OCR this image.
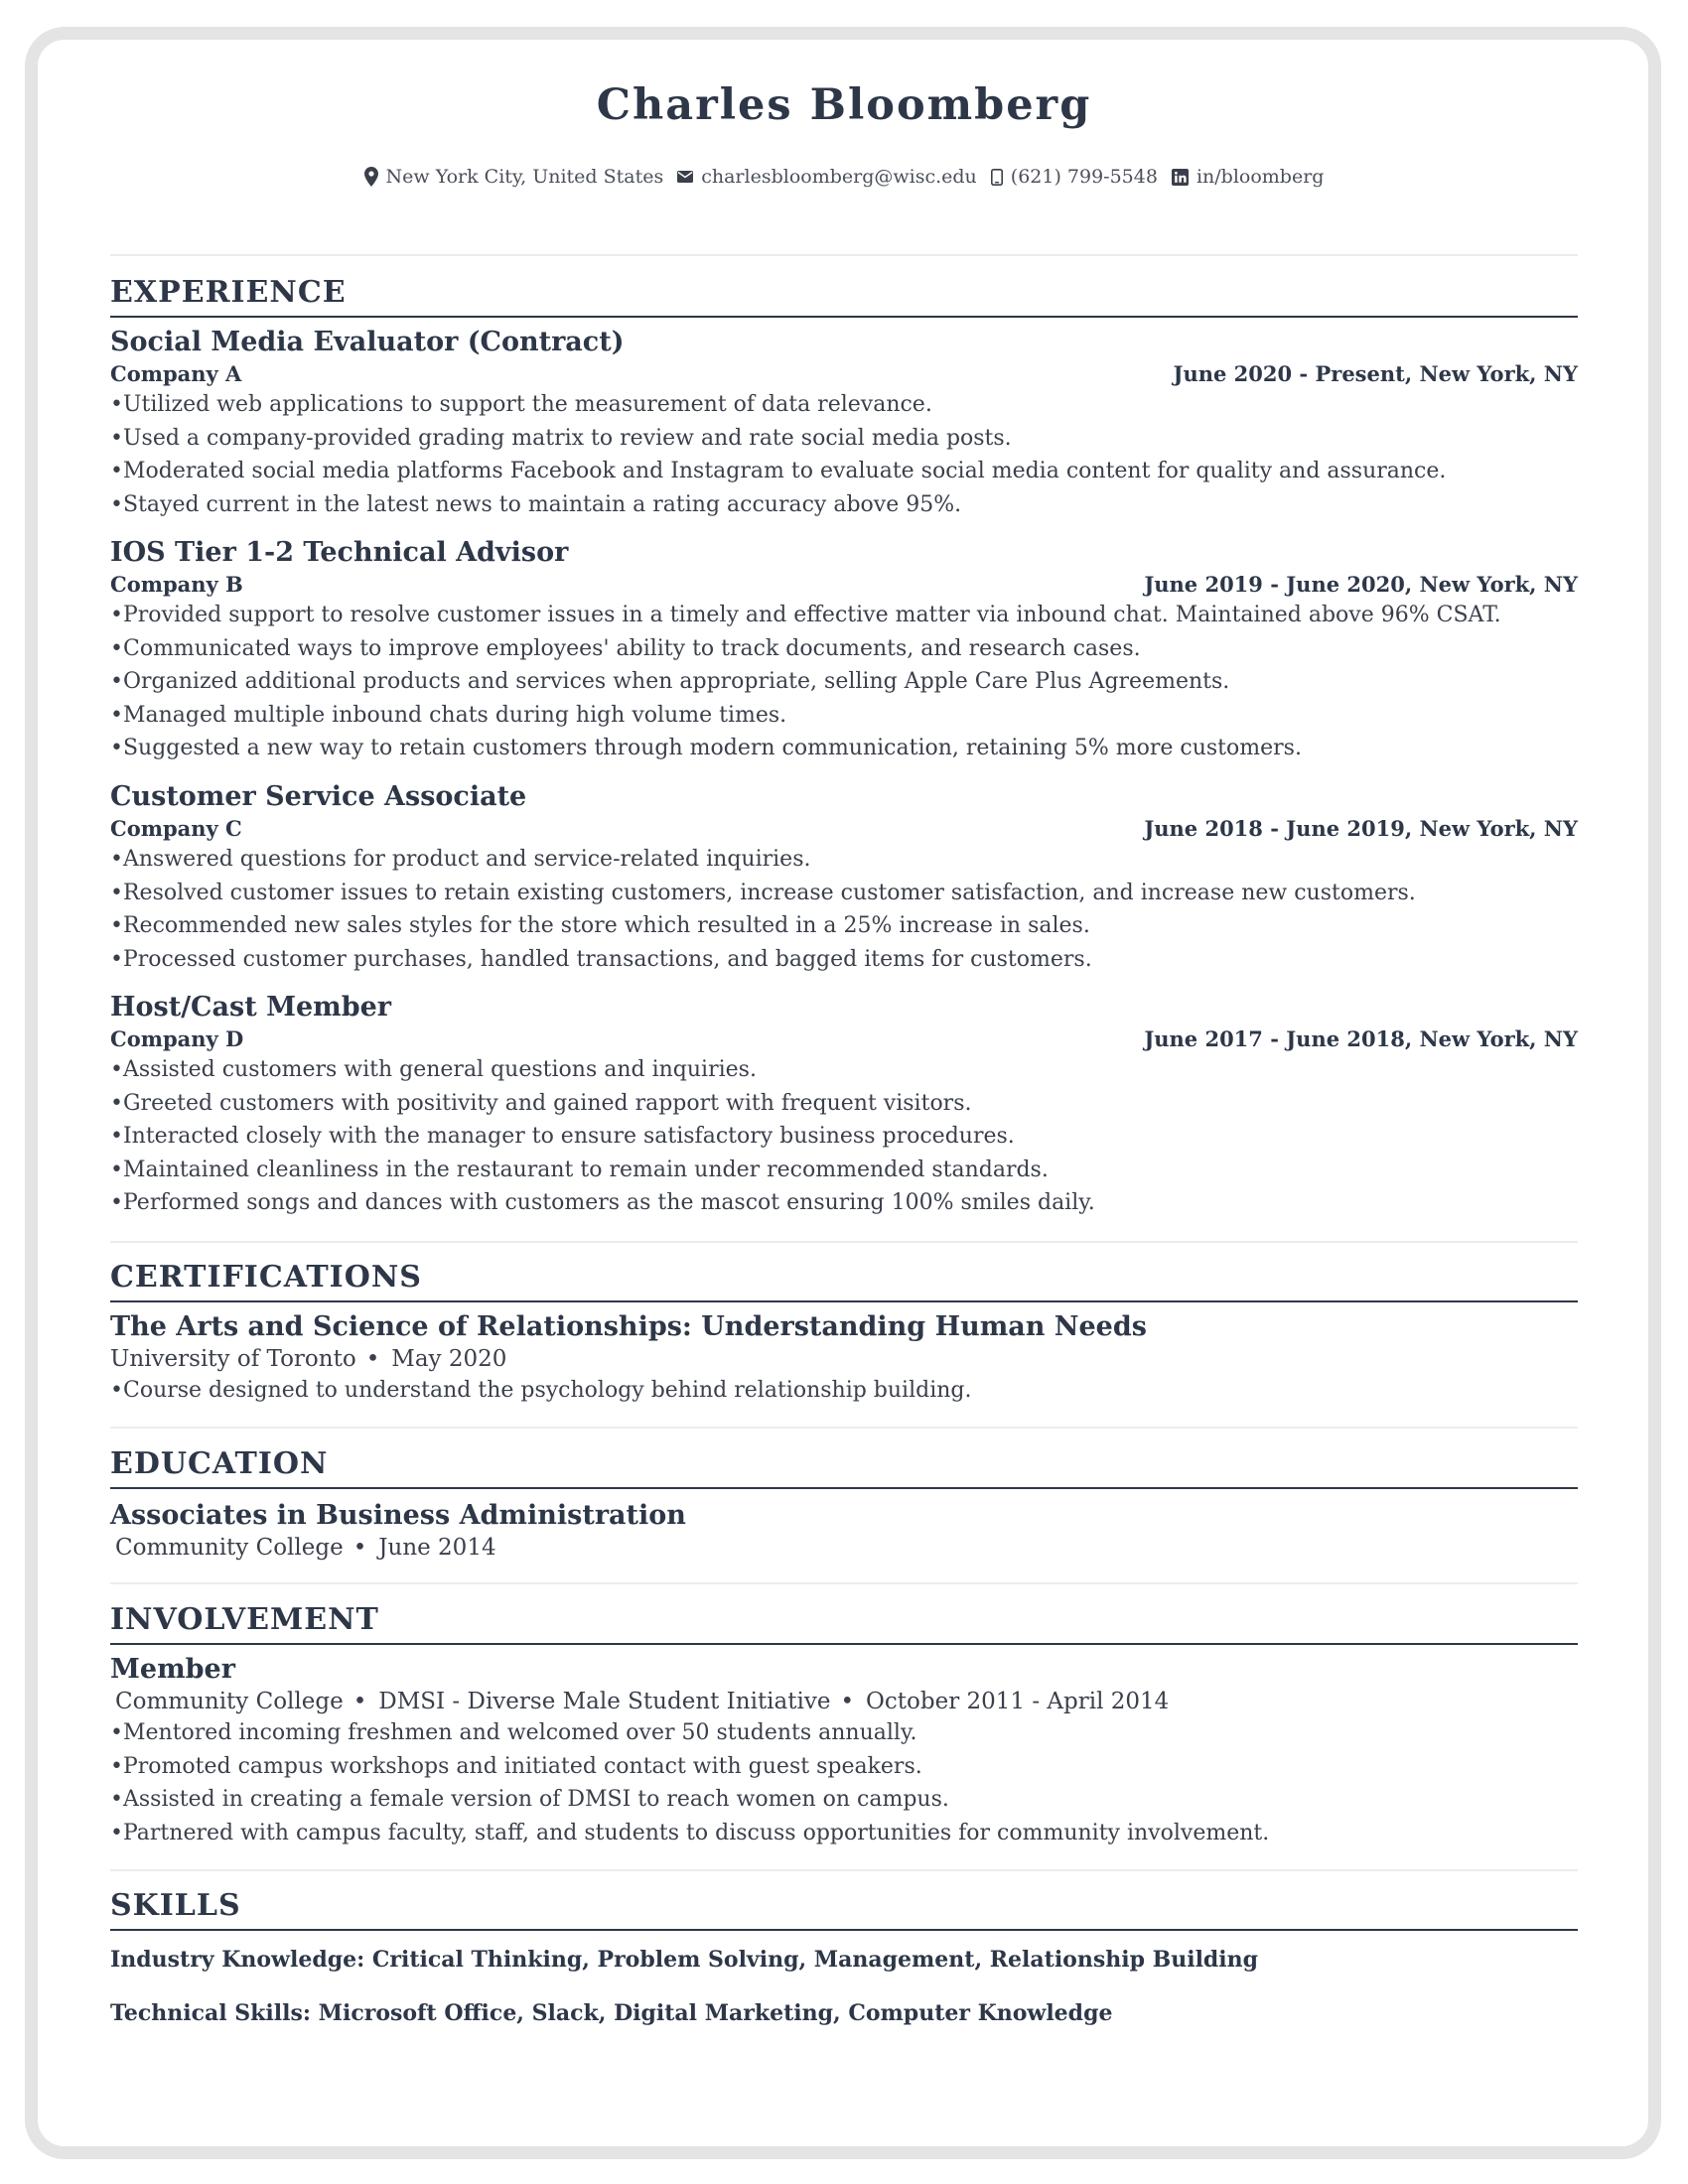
Charles Bloomberg
New York City, United States charlesbloomberg@wisc.edu (621) 799-5548 in/bloomberg
EXPERIENCE
Social Media Evaluator (Contract)
Company A	June 2020 - Present, New York, NY
• Utilized web applications to support the measurement of data relevance.
• Used a company-provided grading matrix to review and rate social media posts.
• Moderated social media platforms Facebook and Instagram to evaluate social media content for quality and assurance.
• Stayed current in the latest news to maintain a rating accuracy above 95%.
IOS Tier 1-2 Technical Advisor
Company B	June 2019 - June 2020, New York, NY
• Provided support to resolve customer issues in a timely and effective matter via inbound chat. Maintained above 96% CSAT.
• Communicated ways to improve employees' ability to track documents, and research cases.
• Organized additional products and services when appropriate, selling Apple Care Plus Agreements.
• Managed multiple inbound chats during high volume times.
• Suggested a new way to retain customers through modern communication, retaining 5% more customers.
Customer Service Associate
Company C	June 2018 - June 2019, New York, NY
• Answered questions for product and service-related inquiries.
• Resolved customer issues to retain existing customers, increase customer satisfaction, and increase new customers.
• Recommended new sales styles for the store which resulted in a 25% increase in sales.
• Processed customer purchases, handled transactions, and bagged items for customers.
Host/Cast Member
Company D	June 2017 - June 2018, New York, NY
• Assisted customers with general questions and inquiries.
• Greeted customers with positivity and gained rapport with frequent visitors.
• Interacted closely with the manager to ensure satisfactory business procedures.
• Maintained cleanliness in the restaurant to remain under recommended standards.
• Performed songs and dances with customers as the mascot ensuring 100% smiles daily.
CERTIFICATIONS
The Arts and Science of Relationships: Understanding Human Needs
University of Toronto • May 2020
• Course designed to understand the psychology behind relationship building.
EDUCATION
Associates in Business Administration
Community College • June 2014
INVOLVEMENT
Member
Community College • DMSI - Diverse Male Student Initiative • October 2011 - April 2014
• Mentored incoming freshmen and welcomed over 50 students annually.
• Promoted campus workshops and initiated contact with guest speakers.
• Assisted in creating a female version of DMSI to reach women on campus.
• Partnered with campus faculty, staff, and students to discuss opportunities for community involvement.
SKILLS
Industry Knowledge: Critical Thinking, Problem Solving, Management, Relationship Building
Technical Skills: Microsoft Office, Slack, Digital Marketing, Computer Knowledge
